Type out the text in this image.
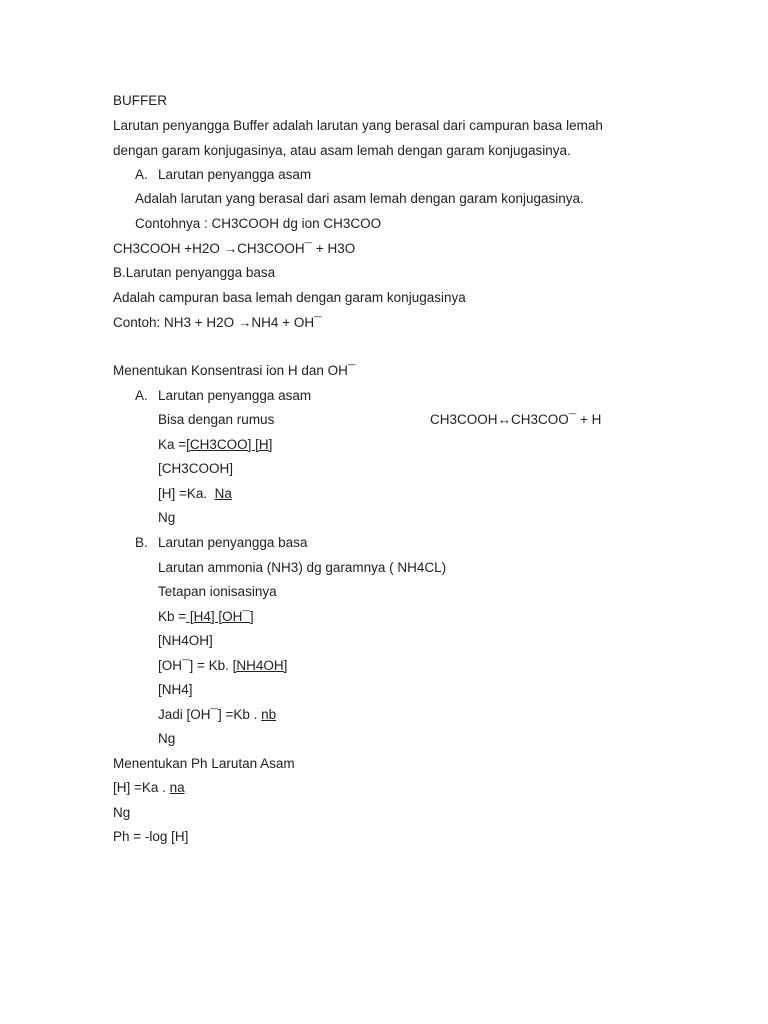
BUFFER
Larutan penyangga Buffer adalah larutan yang berasal dari campuran basa lemah
dengan garam konjugasinya, atau asam lemah dengan garam konjugasinya.
A. Larutan penyangga asam
Adalah larutan yang berasal dari asam lemah dengan garam konjugasinya.
Contohnya : CH3COOH dg ion CH3COO
CH3COOH +H2O →CH3COOH¯ + H3O
B.Larutan penyangga basa
Adalah campuran basa lemah dengan garam konjugasinya
Contoh: NH3 + H2O →NH4 + OH¯
Menentukan Konsentrasi ion H dan OH¯
A. Larutan penyangga asam
Bisa dengan rumus	CH3COOH↔CH3COO¯ + H
Ka =[CH3COO] [H]
[CH3COOH]
[H] =Ka.  Na
Ng
B. Larutan penyangga basa
Larutan ammonia (NH3) dg garamnya ( NH4CL)
Tetapan ionisasinya
Kb = [H4] [OH¯]
[NH4OH]
[OH¯] = Kb. [NH4OH]
[NH4]
Jadi [OH¯] =Kb . nb
Ng
Menentukan Ph Larutan Asam
[H] =Ka . na
Ng
Ph = -log [H]
